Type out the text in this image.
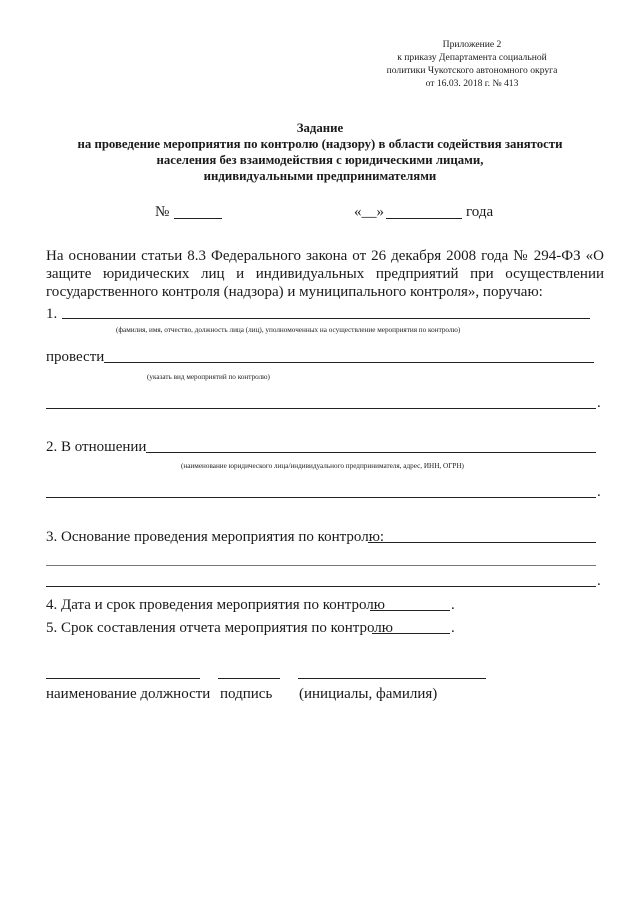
Приложение 2
к приказу Департамента социальной
политики Чукотского автономного округа
от 16.03. 2018 г. № 413
Задание
на проведение мероприятия по контролю (надзору) в области содействия занятости
населения без взаимодействия с юридическими лицами,
индивидуальными предпринимателями
№	«__»	года
На основании статьи 8.3 Федерального закона от 26 декабря 2008 года № 294-ФЗ «О защите юридических лиц и индивидуальных предприятий при осуществлении государственного контроля (надзора) и муниципального контроля», поручаю:
1.
(фамилия, имя, отчество, должность лица (лиц), уполномоченных на осуществление мероприятия по контролю)
провести
(указать вид мероприятий по контролю)
.
2. В отношении
(наименование юридического лица/индивидуального предпринимателя, адрес, ИНН, ОГРН)
.
3. Основание проведения мероприятия по контролю:
.
4. Дата и срок проведения мероприятия по контролю	.
5. Срок составления отчета мероприятия по контролю	.
наименование должности подпись (инициалы, фамилия)
